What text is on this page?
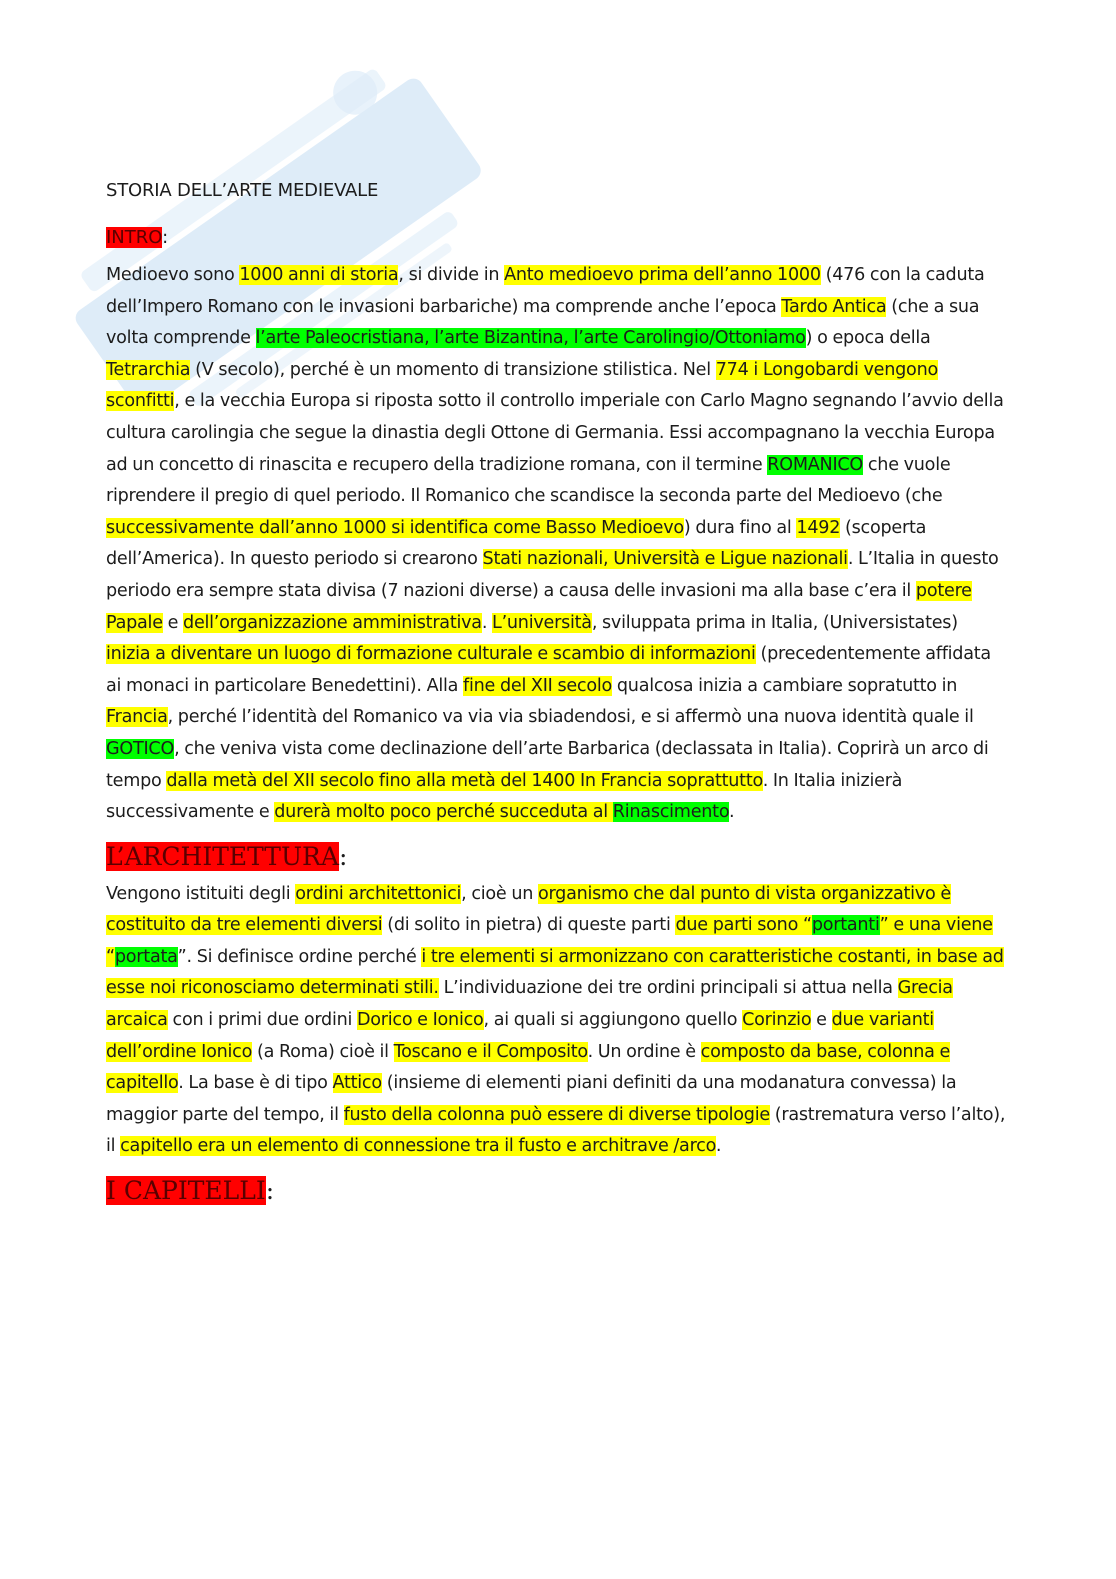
STORIA DELL’ARTE MEDIEVALE
INTRO:

Medioevo sono 1000 anni di storia, si divide in Anto medioevo prima dell’anno 1000 (476 con la caduta dell’Impero Romano con le invasioni barbariche) ma comprende anche l’epoca Tardo Antica (che a sua volta comprende l’arte Paleocristiana, l’arte Bizantina, l’arte Carolingio/Ottoniamo) o epoca della Tetrarchia (V secolo), perché è un momento di transizione stilistica. Nel 774 i Longobardi vengono sconfitti, e la vecchia Europa si riposta sotto il controllo imperiale con Carlo Magno segnando l’avvio della cultura carolingia che segue la dinastia degli Ottone di Germania. Essi accompagnano la vecchia Europa ad un concetto di rinascita e recupero della tradizione romana, con il termine ROMANICO che vuole riprendere il pregio di quel periodo. Il Romanico che scandisce la seconda parte del Medioevo (che successivamente dall’anno 1000 si identifica come Basso Medioevo) dura fino al 1492 (scoperta dell’America). In questo periodo si crearono Stati nazionali, Università e Ligue nazionali. L’Italia in questo periodo era sempre stata divisa (7 nazioni diverse) a causa delle invasioni ma alla base c’era il potere Papale e dell’organizzazione amministrativa. L’università, sviluppata prima in Italia, (Universistates) inizia a diventare un luogo di formazione culturale e scambio di informazioni (precedentemente affidata ai monaci in particolare Benedettini). Alla fine del XII secolo qualcosa inizia a cambiare sopratutto in Francia, perché l’identità del Romanico va via via sbiadendosi, e si affermò una nuova identità quale il GOTICO, che veniva vista come declinazione dell’arte Barbarica (declassata in Italia). Coprirà un arco di tempo dalla metà del XII secolo fino alla metà del 1400 In Francia soprattutto. In Italia inizierà successivamente e durerà molto poco perché succeduta al Rinascimento.

L’ARCHITETTURA:

Vengono istituiti degli ordini architettonici, cioè un organismo che dal punto di vista organizzativo è costituito da tre elementi diversi (di solito in pietra) di queste parti due parti sono “portanti” e una viene “portata”. Si definisce ordine perché i tre elementi si armonizzano con caratteristiche costanti, in base ad esse noi riconosciamo determinati stili. L’individuazione dei tre ordini principali si attua nella Grecia arcaica con i primi due ordini Dorico e Ionico, ai quali si aggiungono quello Corinzio e due varianti dell’ordine Ionico (a Roma) cioè il Toscano e il Composito. Un ordine è composto da base, colonna e capitello. La base è di tipo Attico (insieme di elementi piani definiti da una modanatura convessa) la maggior parte del tempo, il fusto della colonna può essere di diverse tipologie (rastrematura verso l’alto), il capitello era un elemento di connessione tra il fusto e architrave /arco.

I CAPITELLI:
